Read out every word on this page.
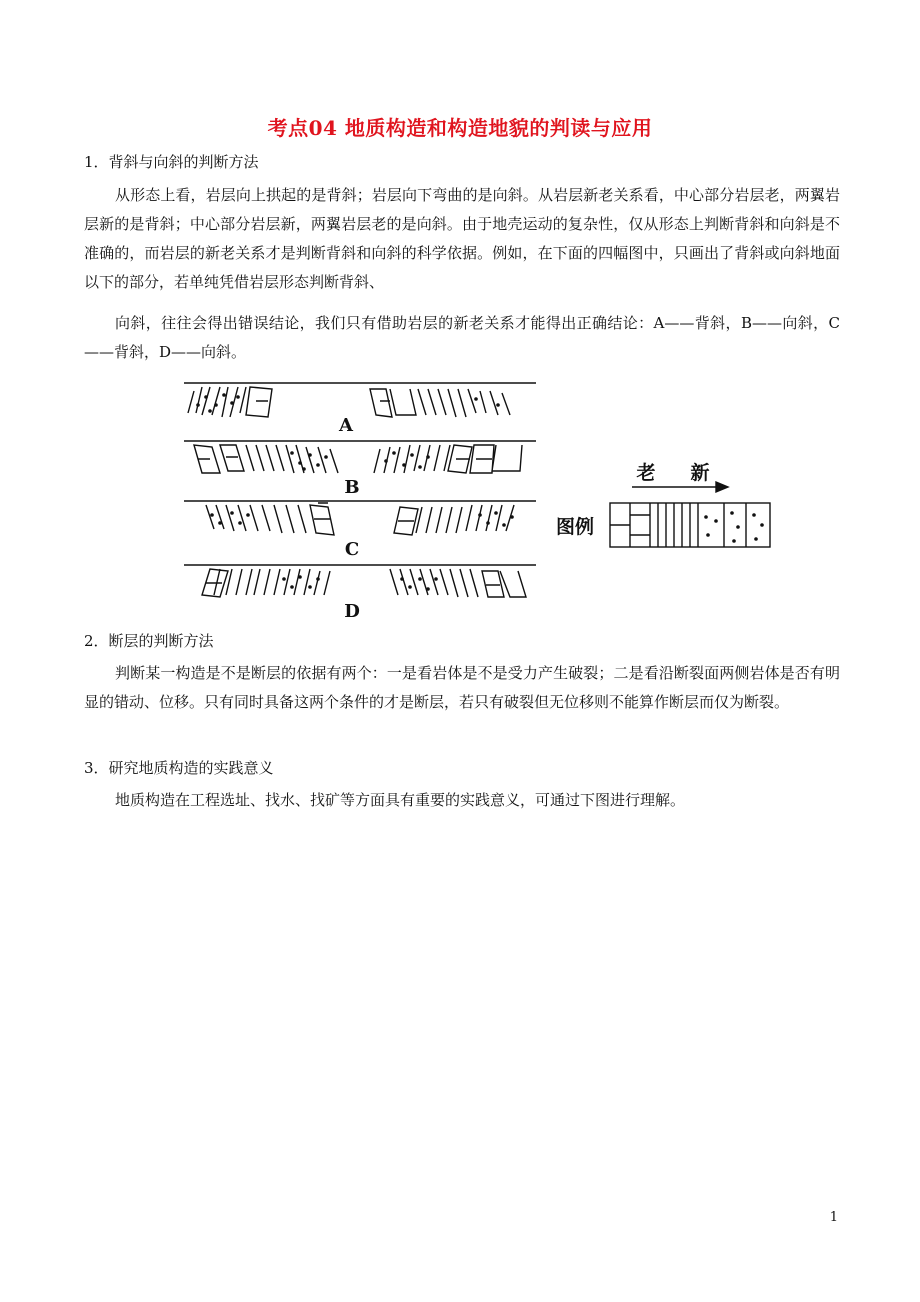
考点04 地质构造和构造地貌的判读与应用
1．背斜与向斜的判断方法
从形态上看，岩层向上拱起的是背斜；岩层向下弯曲的是向斜。从岩层新老关系看，中心部分岩层老，两翼岩层新的是背斜；中心部分岩层新，两翼岩层老的是向斜。由于地壳运动的复杂性，仅从形态上判断背斜和向斜是不准确的，而岩层的新老关系才是判断背斜和向斜的科学依据。例如，在下面的四幅图中，只画出了背斜或向斜地面以下的部分，若单纯凭借岩层形态判断背斜、
向斜，往往会得出错误结论，我们只有借助岩层的新老关系才能得出正确结论：A——背斜，B——向斜，C——背斜，D——向斜。
A
B
C
D
图例
老 新
2．断层的判断方法
判断某一构造是不是断层的依据有两个：一是看岩体是不是受力产生破裂；二是看沿断裂面两侧岩体是否有明显的错动、位移。只有同时具备这两个条件的才是断层，若只有破裂但无位移则不能算作断层而仅为断裂。
3．研究地质构造的实践意义
地质构造在工程选址、找水、找矿等方面具有重要的实践意义，可通过下图进行理解。
1
